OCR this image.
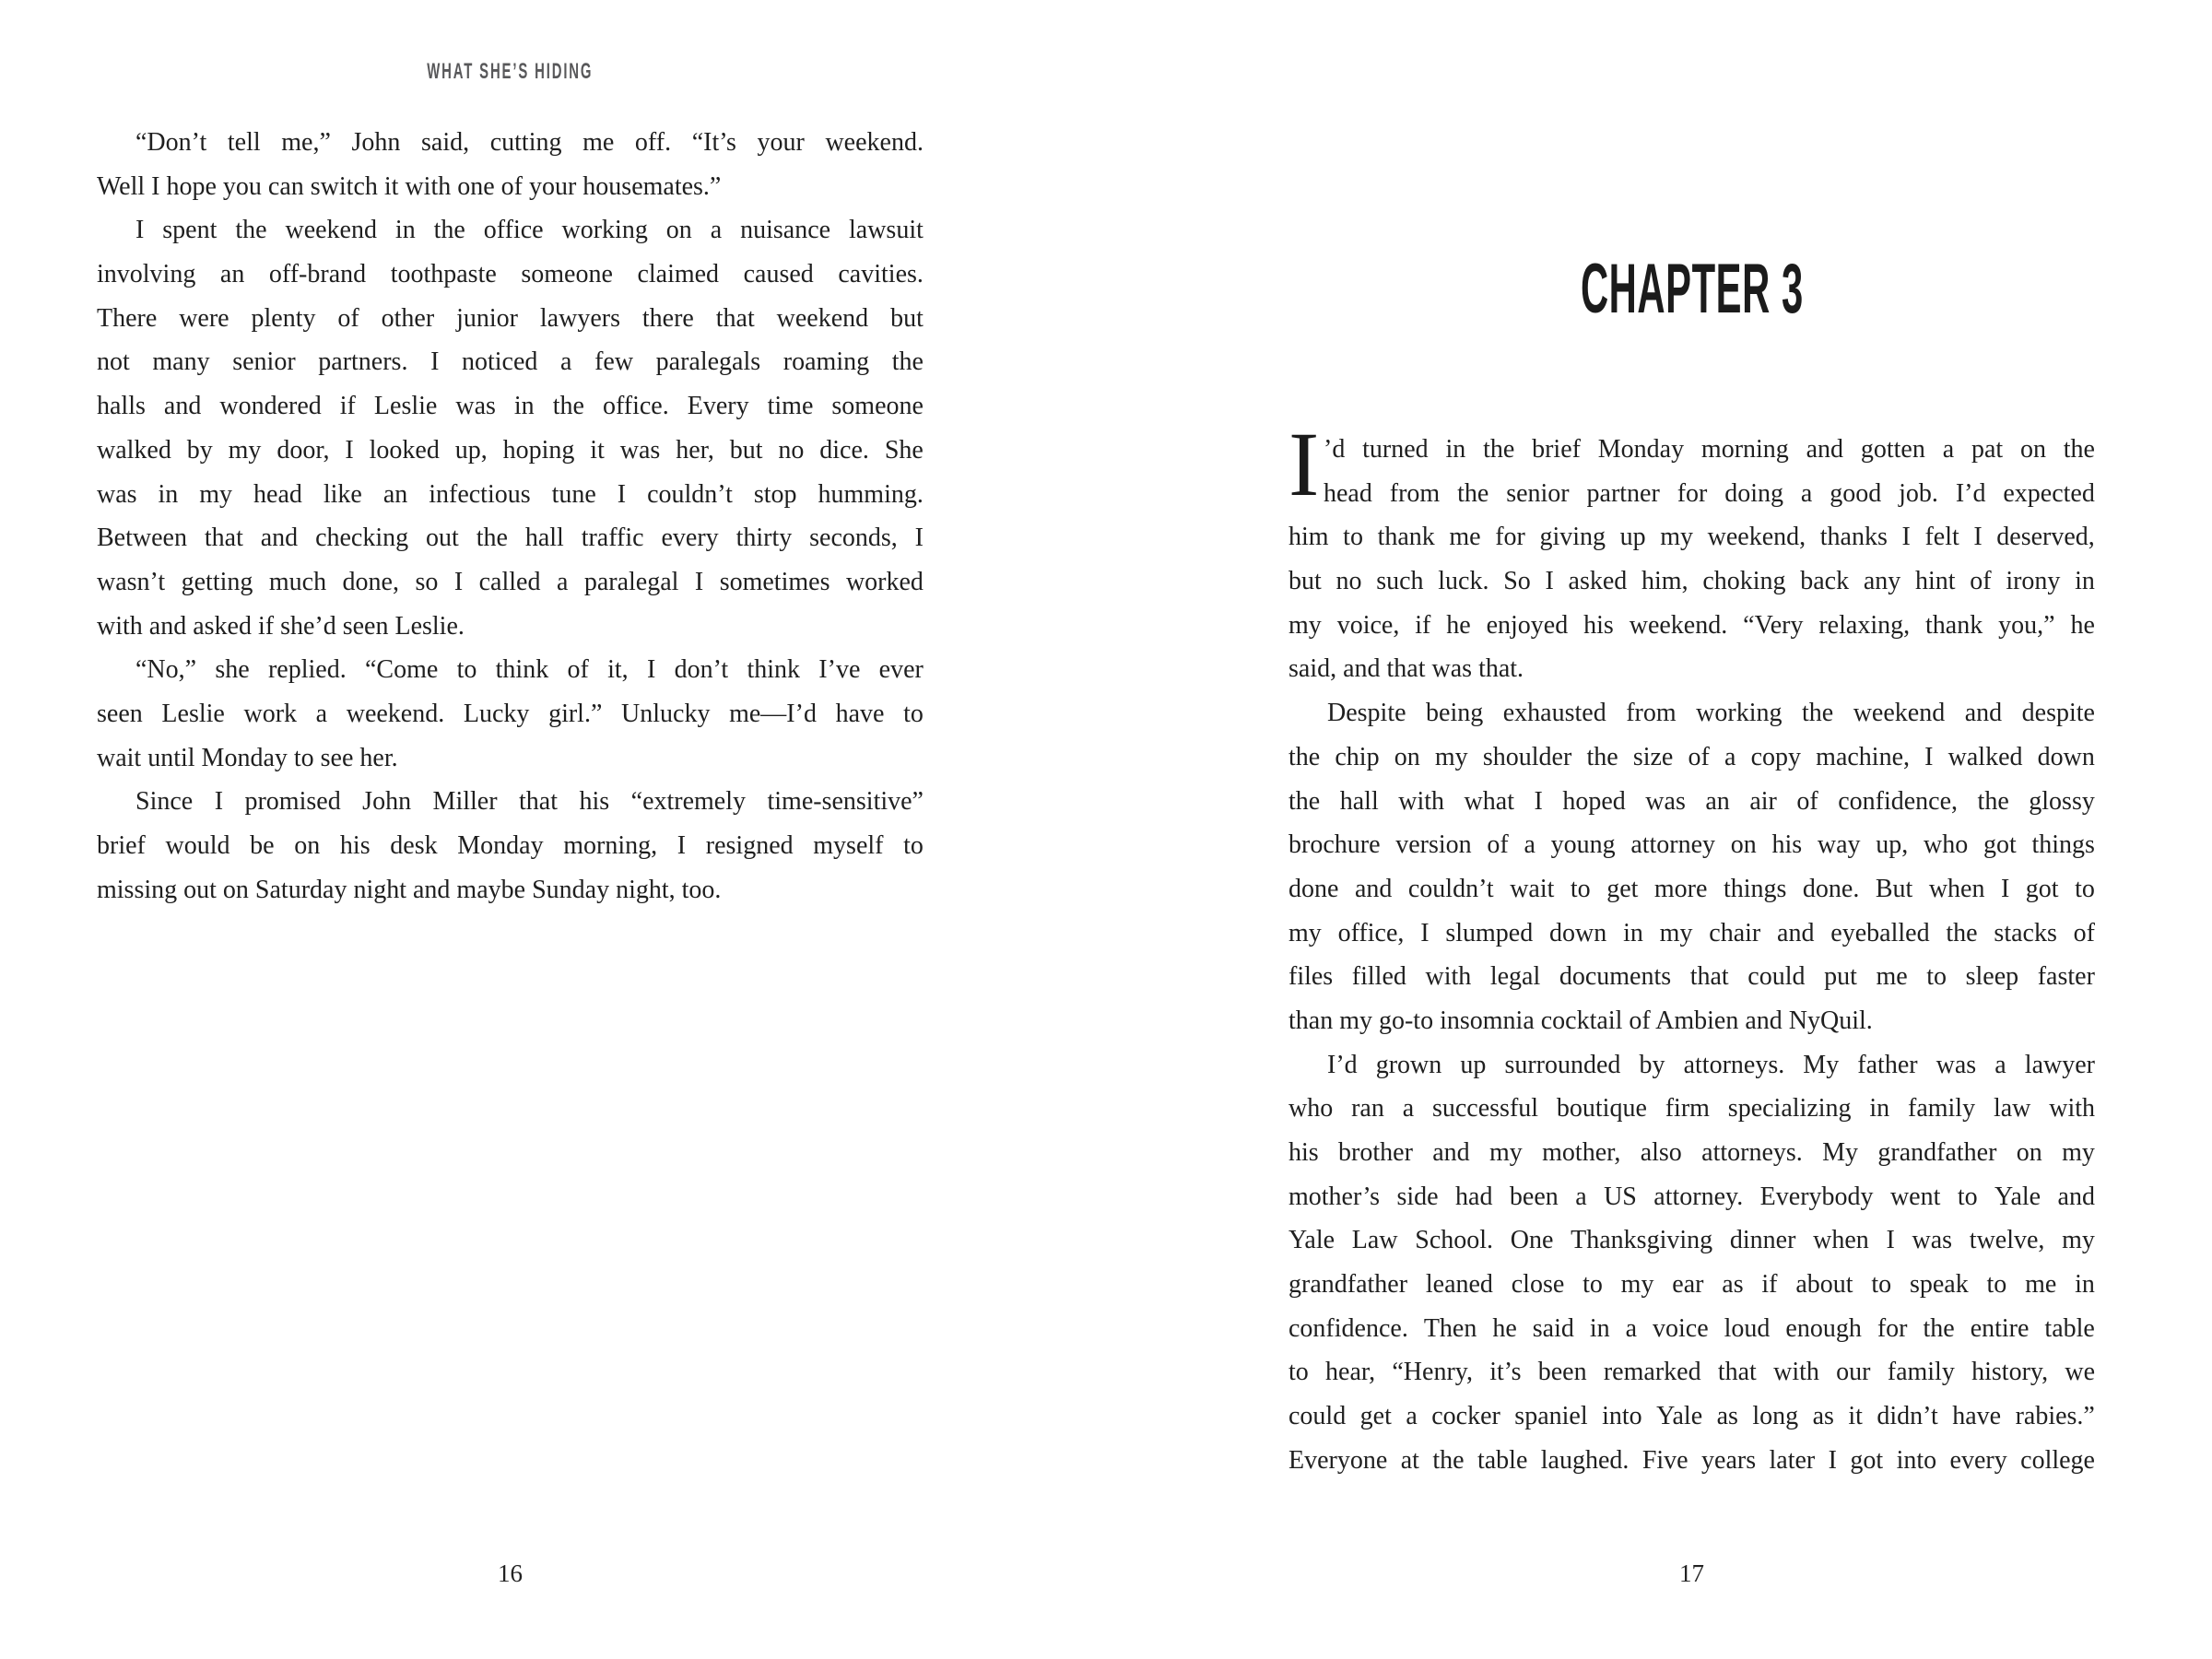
WHAT SHE’S HIDING
“Don’t tell me,” John said, cutting me off. “It’s your weekend.
Well I hope you can switch it with one of your housemates.”
I spent the weekend in the office working on a nuisance lawsuit
involving an off-brand toothpaste someone claimed caused cavities.
There were plenty of other junior lawyers there that weekend but
not many senior partners. I noticed a few paralegals roaming the
halls and wondered if Leslie was in the office. Every time someone
walked by my door, I looked up, hoping it was her, but no dice. She
was in my head like an infectious tune I couldn’t stop humming.
Between that and checking out the hall traffic every thirty seconds, I
wasn’t getting much done, so I called a paralegal I sometimes worked
with and asked if she’d seen Leslie.
“No,” she replied. “Come to think of it, I don’t think I’ve ever
seen Leslie work a weekend. Lucky girl.” Unlucky me—I’d have to
wait until Monday to see her.
Since I promised John Miller that his “extremely time-sensitive”
brief would be on his desk Monday morning, I resigned myself to
missing out on Saturday night and maybe Sunday night, too.
16
CHAPTER 3
I ’d turned in the brief Monday morning and gotten a pat on the
head from the senior partner for doing a good job. I’d expected
him to thank me for giving up my weekend, thanks I felt I deserved,
but no such luck. So I asked him, choking back any hint of irony in
my voice, if he enjoyed his weekend. “Very relaxing, thank you,” he
said, and that was that.
Despite being exhausted from working the weekend and despite
the chip on my shoulder the size of a copy machine, I walked down
the hall with what I hoped was an air of confidence, the glossy
brochure version of a young attorney on his way up, who got things
done and couldn’t wait to get more things done. But when I got to
my office, I slumped down in my chair and eyeballed the stacks of
files filled with legal documents that could put me to sleep faster
than my go-to insomnia cocktail of Ambien and NyQuil.
I’d grown up surrounded by attorneys. My father was a lawyer
who ran a successful boutique firm specializing in family law with
his brother and my mother, also attorneys. My grandfather on my
mother’s side had been a US attorney. Everybody went to Yale and
Yale Law School. One Thanksgiving dinner when I was twelve, my
grandfather leaned close to my ear as if about to speak to me in
confidence. Then he said in a voice loud enough for the entire table
to hear, “Henry, it’s been remarked that with our family history, we
could get a cocker spaniel into Yale as long as it didn’t have rabies.”
Everyone at the table laughed. Five years later I got into every college
17
